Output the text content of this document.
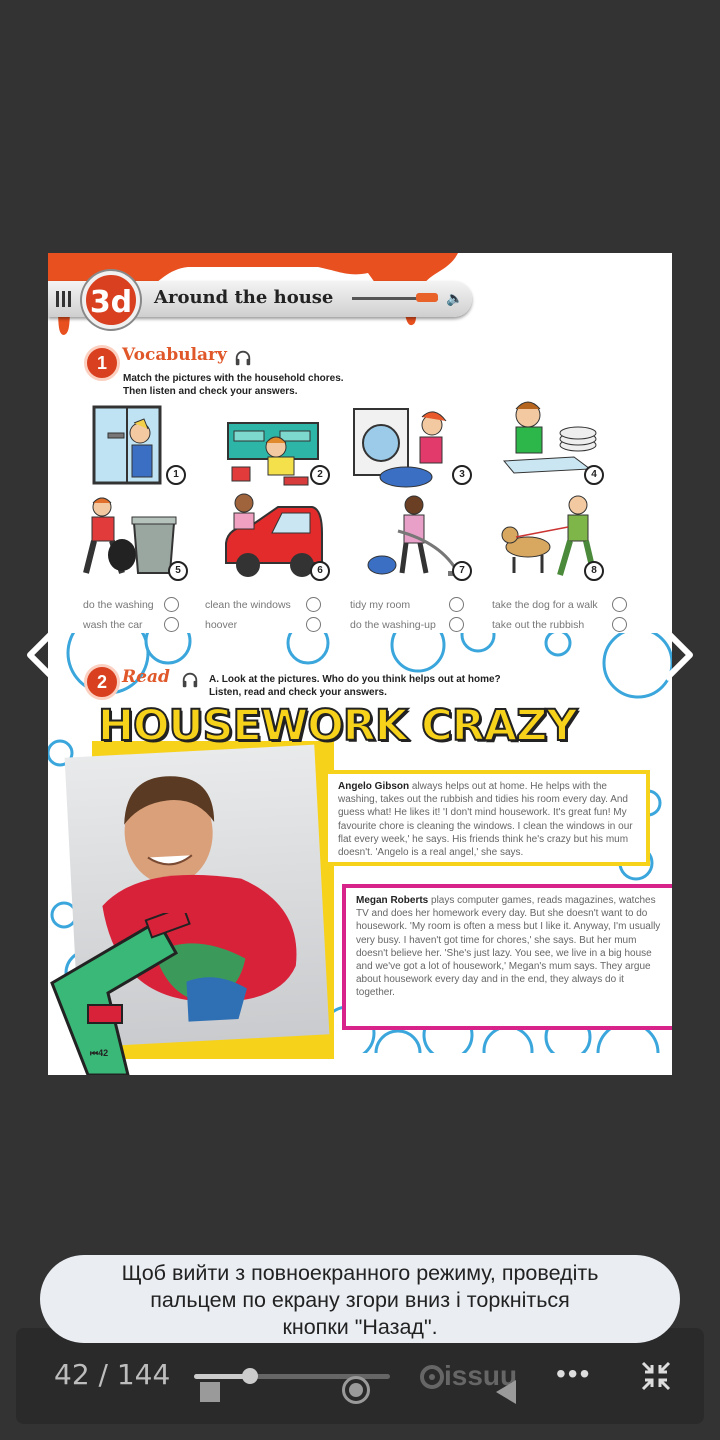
3d	Around the house	🔈
1 Vocabulary
Match the pictures with the household chores.
Then listen and check your answers.
1	2	3	4
5	6	7	8
do the washing	clean the windows	tidy my room	take the dog for a walk
wash the car	hoover	do the washing-up	take out the rubbish
2 Read	A. Look at the pictures. Who do you think helps out at home?
Listen, read and check your answers.
HOUSEWORK CRAZY
Angelo Gibson always helps out at home. He helps with the washing, takes out the rubbish and tidies his room every day. And guess what! He likes it! 'I don't mind housework. It's great fun! My favourite chore is cleaning the windows. I clean the windows in our flat every week,' he says. His friends think he's crazy but his mum doesn't. 'Angelo is a real angel,' she says.
Megan Roberts plays computer games, reads magazines, watches TV and does her homework every day. But she doesn't want to do housework. 'My room is often a mess but I like it. Anyway, I'm usually very busy. I haven't got time for chores,' she says. But her mum doesn't believe her. 'She's just lazy. You see, we live in a big house and we've got a lot of housework,' Megan's mum says. They argue about housework every day and in the end, they always do it together.
⏮42
42 / 144	issuu •••
Щоб вийти з повноекранного режиму, проведіть
пальцем по екрану згори вниз і торкніться
кнопки "Назад".
